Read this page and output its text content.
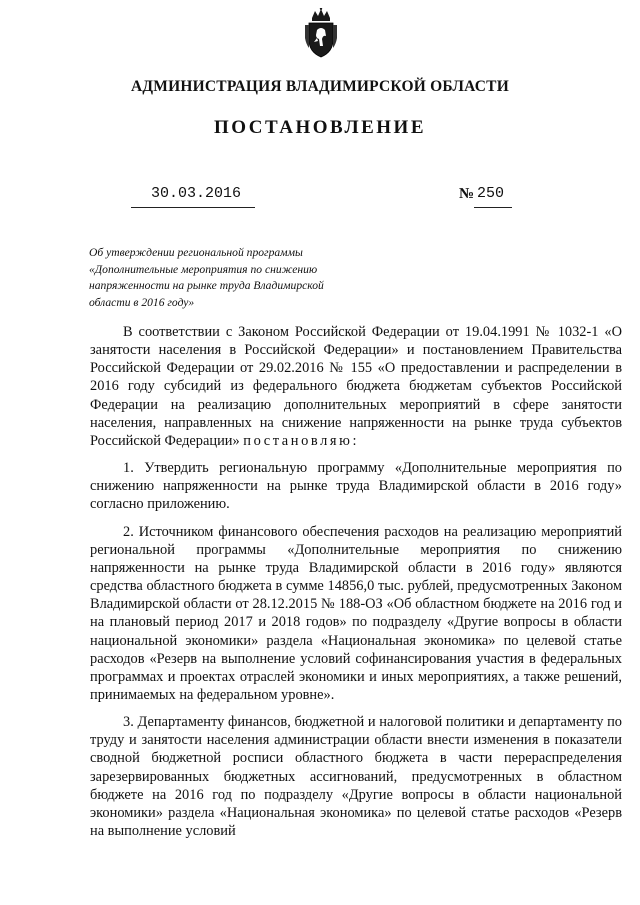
АДМИНИСТРАЦИЯ ВЛАДИМИРСКОЙ ОБЛАСТИ
ПОСТАНОВЛЕНИЕ
30.03.2016	№ 250
Об утверждении региональной программы
«Дополнительные мероприятия по снижению
напряженности на рынке труда Владимирской
области в 2016 году»

В соответствии с Законом Российской Федерации от 19.04.1991 № 1032-1 «О занятости населения в Российской Федерации» и постановлением Правительства Российской Федерации от 29.02.2016 № 155 «О предоставлении и распределении в 2016 году субсидий из федерального бюджета бюджетам субъектов Российской Федерации на реализацию дополнительных мероприятий в сфере занятости населения, направленных на снижение напряженности на рынке труда субъектов Российской Федерации» постановляю:

1. Утвердить региональную программу «Дополнительные мероприятия по снижению напряженности на рынке труда Владимирской области в 2016 году» согласно приложению.

2. Источником финансового обеспечения расходов на реализацию мероприятий региональной программы «Дополнительные мероприятия по снижению напряженности на рынке труда Владимирской области в 2016 году» являются средства областного бюджета в сумме 14856,0 тыс. рублей, предусмотренных Законом Владимирской области от 28.12.2015 № 188-ОЗ «Об областном бюджете на 2016 год и на плановый период 2017 и 2018 годов» по подразделу «Другие вопросы в области национальной экономики» раздела «Национальная экономика» по целевой статье расходов «Резерв на выполнение условий софинансирования участия в федеральных программах и проектах отраслей экономики и иных мероприятиях, а также решений, принимаемых на федеральном уровне».

3. Департаменту финансов, бюджетной и налоговой политики и департаменту по труду и занятости населения администрации области внести изменения в показатели сводной бюджетной росписи областного бюджета в части перераспределения зарезервированных бюджетных ассигнований, предусмотренных в областном бюджете на 2016 год по подразделу «Другие вопросы в области национальной экономики» раздела «Национальная экономика» по целевой статье расходов «Резерв на выполнение условий
